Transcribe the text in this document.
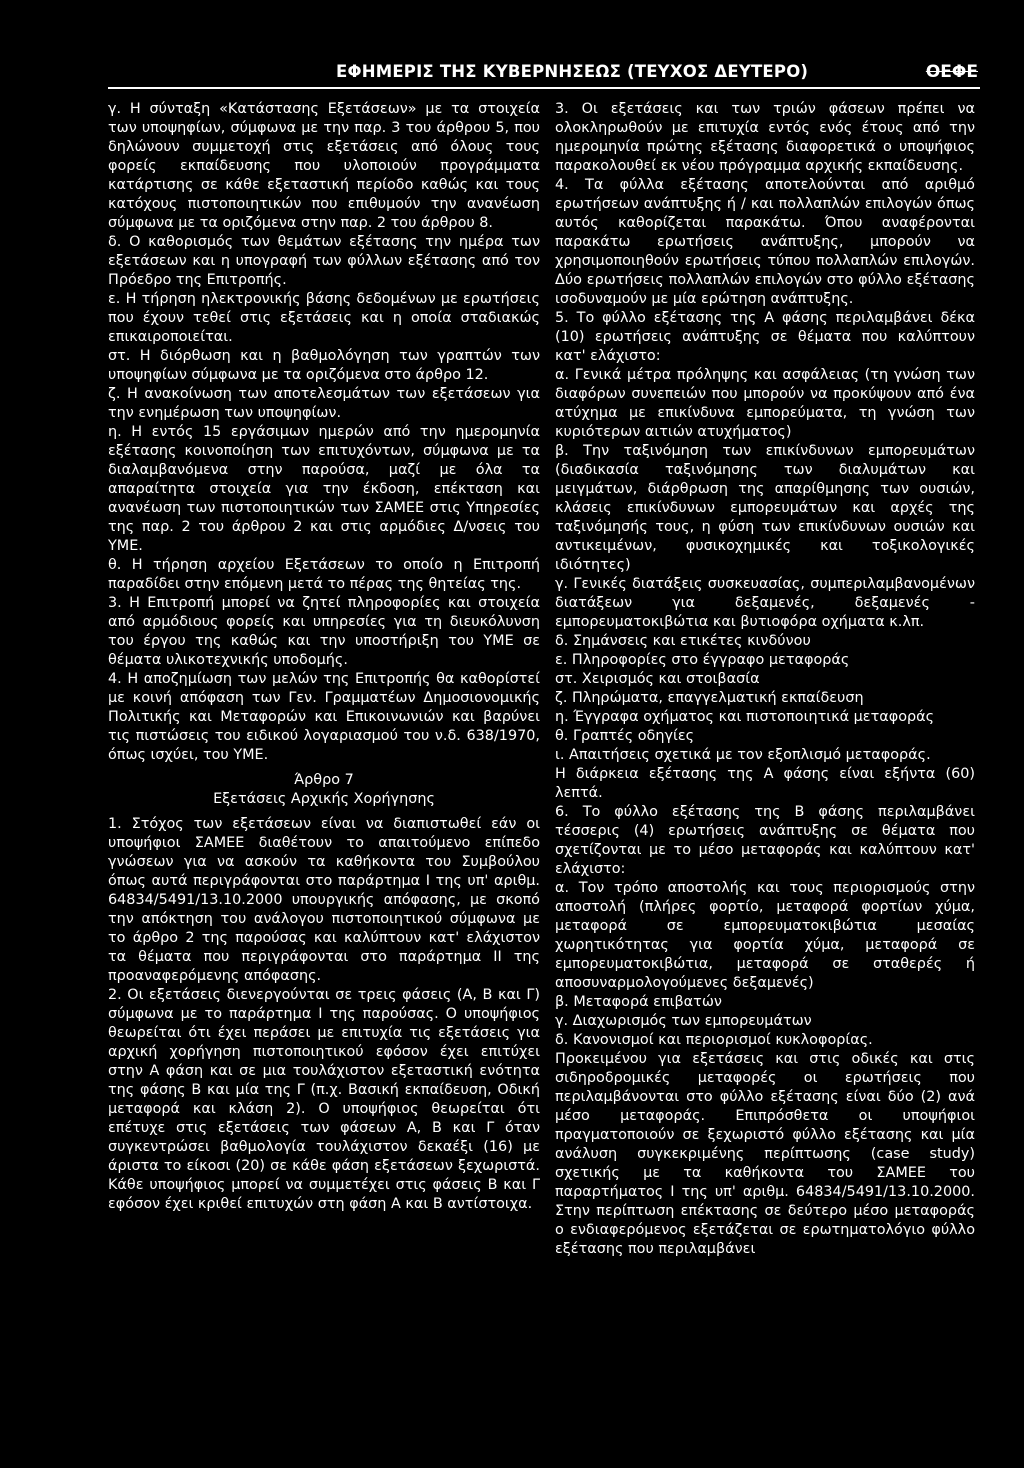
ΕΦΗΜΕΡΙΣ ΤΗΣ ΚΥΒΕΡΝΗΣΕΩΣ (ΤΕΥΧΟΣ ΔΕΥΤΕΡΟ)	ΟΕΦΕ

γ. Η σύνταξη «Κατάστασης Εξετάσεων» με τα στοιχεία των υποψηφίων, σύμφωνα με την παρ. 3 του άρθρου 5, που δηλώνουν συμμετοχή στις εξετάσεις από όλους τους φορείς εκπαίδευσης που υλοποιούν προγράμματα κατάρτισης σε κάθε εξεταστική περίοδο καθώς και τους κατόχους πιστοποιητικών που επιθυμούν την ανανέωση σύμφωνα με τα οριζόμενα στην παρ. 2 του άρθρου 8.

δ. Ο καθορισμός των θεμάτων εξέτασης την ημέρα των εξετάσεων και η υπογραφή των φύλλων εξέτασης από τον Πρόεδρο της Επιτροπής.

ε. Η τήρηση ηλεκτρονικής βάσης δεδομένων με ερωτήσεις που έχουν τεθεί στις εξετάσεις και η οποία σταδιακώς επικαιροποιείται.

στ. Η διόρθωση και η βαθμολόγηση των γραπτών των υποψηφίων σύμφωνα με τα οριζόμενα στο άρθρο 12.

ζ. Η ανακοίνωση των αποτελεσμάτων των εξετάσεων για την ενημέρωση των υποψηφίων.

η. Η εντός 15 εργάσιμων ημερών από την ημερομηνία εξέτασης κοινοποίηση των επιτυχόντων, σύμφωνα με τα διαλαμβανόμενα στην παρούσα, μαζί με όλα τα απαραίτητα στοιχεία για την έκδοση, επέκταση και ανανέωση των πιστοποιητικών των ΣΑΜΕΕ στις Υπηρεσίες της παρ. 2 του άρθρου 2 και στις αρμόδιες Δ/νσεις του ΥΜΕ.

θ. Η τήρηση αρχείου Εξετάσεων το οποίο η Επιτροπή παραδίδει στην επόμενη μετά το πέρας της θητείας της.

3. Η Επιτροπή μπορεί να ζητεί πληροφορίες και στοιχεία από αρμόδιους φορείς και υπηρεσίες για τη διευκόλυνση του έργου της καθώς και την υποστήριξη του ΥΜΕ σε θέματα υλικοτεχνικής υποδομής.

4. Η αποζημίωση των μελών της Επιτροπής θα καθορίστεί με κοινή απόφαση των Γεν. Γραμματέων Δημοσιονομικής Πολιτικής και Μεταφορών και Επικοινωνιών και βαρύνει τις πιστώσεις του ειδικού λογαριασμού του ν.δ. 638/1970, όπως ισχύει, του ΥΜΕ.

Άρθρο 7

Εξετάσεις Αρχικής Χορήγησης

1. Στόχος των εξετάσεων είναι να διαπιστωθεί εάν οι υποψήφιοι ΣΑΜΕΕ διαθέτουν το απαιτούμενο επίπεδο γνώσεων για να ασκούν τα καθήκοντα του Συμβούλου όπως αυτά περιγράφονται στο παράρτημα I της υπ' αριθμ. 64834/5491/13.10.2000 υπουργικής απόφασης, με σκοπό την απόκτηση του ανάλογου πιστοποιητικού σύμφωνα με το άρθρο 2 της παρούσας και καλύπτουν κατ' ελάχιστον τα θέματα που περιγράφονται στο παράρτημα II της προαναφερόμενης απόφασης.

2. Οι εξετάσεις διενεργούνται σε τρεις φάσεις (Α, Β και Γ) σύμφωνα με το παράρτημα I της παρούσας. Ο υποψήφιος θεωρείται ότι έχει περάσει με επιτυχία τις εξετάσεις για αρχική χορήγηση πιστοποιητικού εφόσον έχει επιτύχει στην Α φάση και σε μια τουλάχιστον εξεταστική ενότητα της φάσης Β και μία της Γ (π.χ. Βασική εκπαίδευση, Οδική μεταφορά και κλάση 2). Ο υποψήφιος θεωρείται ότι επέτυχε στις εξετάσεις των φάσεων Α, Β και Γ όταν συγκεντρώσει βαθμολογία τουλάχιστον δεκαέξι (16) με άριστα το είκοσι (20) σε κάθε φάση εξετάσεων ξεχωριστά. Κάθε υποψήφιος μπορεί να συμμετέχει στις φάσεις Β και Γ εφόσον έχει κριθεί επιτυχών στη φάση Α και Β αντίστοιχα.

3. Οι εξετάσεις και των τριών φάσεων πρέπει να ολοκληρωθούν με επιτυχία εντός ενός έτους από την ημερομηνία πρώτης εξέτασης διαφορετικά ο υποψήφιος παρακολουθεί εκ νέου πρόγραμμα αρχικής εκπαίδευσης.

4. Τα φύλλα εξέτασης αποτελούνται από αριθμό ερωτήσεων ανάπτυξης ή / και πολλαπλών επιλογών όπως αυτός καθορίζεται παρακάτω. Όπου αναφέρονται παρακάτω ερωτήσεις ανάπτυξης, μπορούν να χρησιμοποιηθούν ερωτήσεις τύπου πολλαπλών επιλογών. Δύο ερωτήσεις πολλαπλών επιλογών στο φύλλο εξέτασης ισοδυναμούν με μία ερώτηση ανάπτυξης.

5. Το φύλλο εξέτασης της Α φάσης περιλαμβάνει δέκα (10) ερωτήσεις ανάπτυξης σε θέματα που καλύπτουν κατ' ελάχιστο:

α. Γενικά μέτρα πρόληψης και ασφάλειας (τη γνώση των διαφόρων συνεπειών που μπορούν να προκύψουν από ένα ατύχημα με επικίνδυνα εμπορεύματα, τη γνώση των κυριότερων αιτιών ατυχήματος)

β. Την ταξινόμηση των επικίνδυνων εμπορευμάτων (διαδικασία ταξινόμησης των διαλυμάτων και μειγμάτων, διάρθρωση της απαρίθμησης των ουσιών, κλάσεις επικίνδυνων εμπορευμάτων και αρχές της ταξινόμησής τους, η φύση των επικίνδυνων ουσιών και αντικειμένων, φυσικοχημικές και τοξικολογικές ιδιότητες)

γ. Γενικές διατάξεις συσκευασίας, συμπεριλαμβανομένων διατάξεων για δεξαμενές, δεξαμενές - εμπορευματοκιβώτια και βυτιοφόρα οχήματα κ.λπ.

δ. Σημάνσεις και ετικέτες κινδύνου

ε. Πληροφορίες στο έγγραφο μεταφοράς

στ. Χειρισμός και στοιβασία

ζ. Πληρώματα, επαγγελματική εκπαίδευση

η. Έγγραφα οχήματος και πιστοποιητικά μεταφοράς

θ. Γραπτές οδηγίες

ι. Απαιτήσεις σχετικά με τον εξοπλισμό μεταφοράς.

Η διάρκεια εξέτασης της Α φάσης είναι εξήντα (60) λεπτά.

6. Το φύλλο εξέτασης της Β φάσης περιλαμβάνει τέσσερις (4) ερωτήσεις ανάπτυξης σε θέματα που σχετίζονται με το μέσο μεταφοράς και καλύπτουν κατ' ελάχιστο:

α. Τον τρόπο αποστολής και τους περιορισμούς στην αποστολή (πλήρες φορτίο, μεταφορά φορτίων χύμα, μεταφορά σε εμπορευματοκιβώτια μεσαίας χωρητικότητας για φορτία χύμα, μεταφορά σε εμπορευματοκιβώτια, μεταφορά σε σταθερές ή αποσυναρμολογούμενες δεξαμενές)

β. Μεταφορά επιβατών

γ. Διαχωρισμός των εμπορευμάτων

δ. Κανονισμοί και περιορισμοί κυκλοφορίας.

Προκειμένου για εξετάσεις και στις οδικές και στις σιδηροδρομικές μεταφορές οι ερωτήσεις που περιλαμβάνονται στο φύλλο εξέτασης είναι δύο (2) ανά μέσο μεταφοράς. Επιπρόσθετα οι υποψήφιοι πραγματοποιούν σε ξεχωριστό φύλλο εξέτασης και μία ανάλυση συγκεκριμένης περίπτωσης (case study) σχετικής με τα καθήκοντα του ΣΑΜΕΕ του παραρτήματος I της υπ' αριθμ. 64834/5491/13.10.2000. Στην περίπτωση επέκτασης σε δεύτερο μέσο μεταφοράς ο ενδιαφερόμενος εξετάζεται σε ερωτηματολόγιο φύλλο εξέτασης που περιλαμβάνει
